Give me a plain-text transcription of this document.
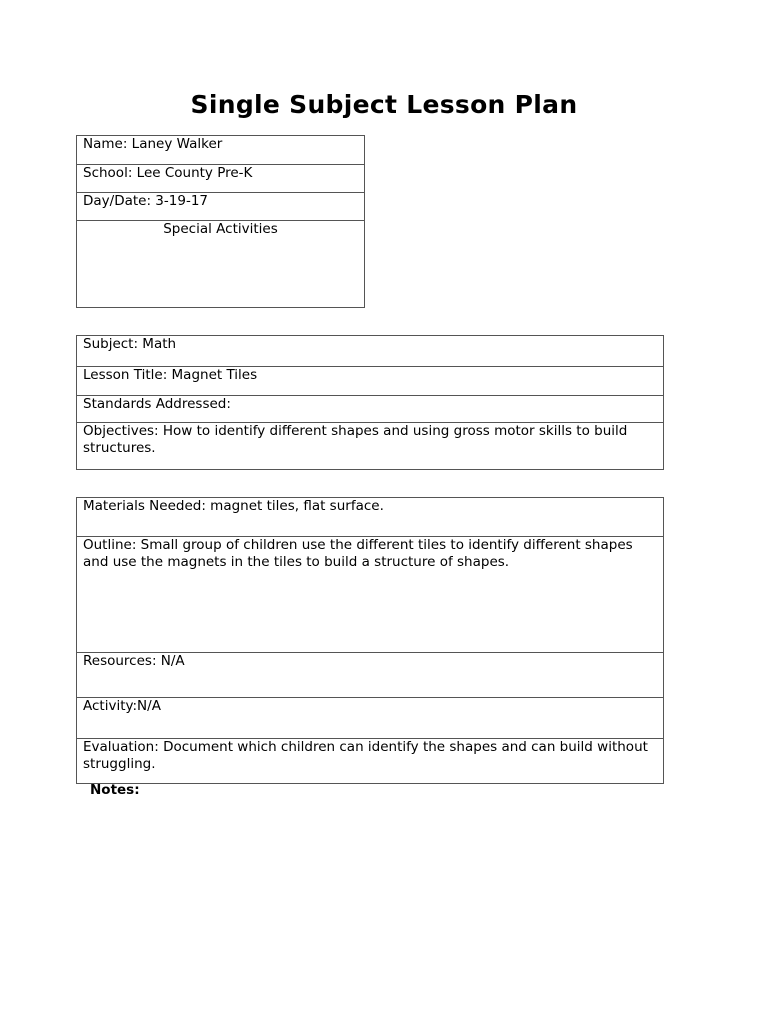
Single Subject Lesson Plan
Name: Laney Walker
School: Lee County Pre-K
Day/Date: 3-19-17
Special Activities
Subject: Math
Lesson Title: Magnet Tiles
Standards Addressed:
Objectives: How to identify different shapes and using gross motor skills to build structures.
Materials Needed: magnet tiles, flat surface.
Outline: Small group of children use the different tiles to identify different shapes and use the magnets in the tiles to build a structure of shapes.
Resources: N/A
Activity:N/A
Evaluation: Document which children can identify the shapes and can build without struggling.
Notes:
